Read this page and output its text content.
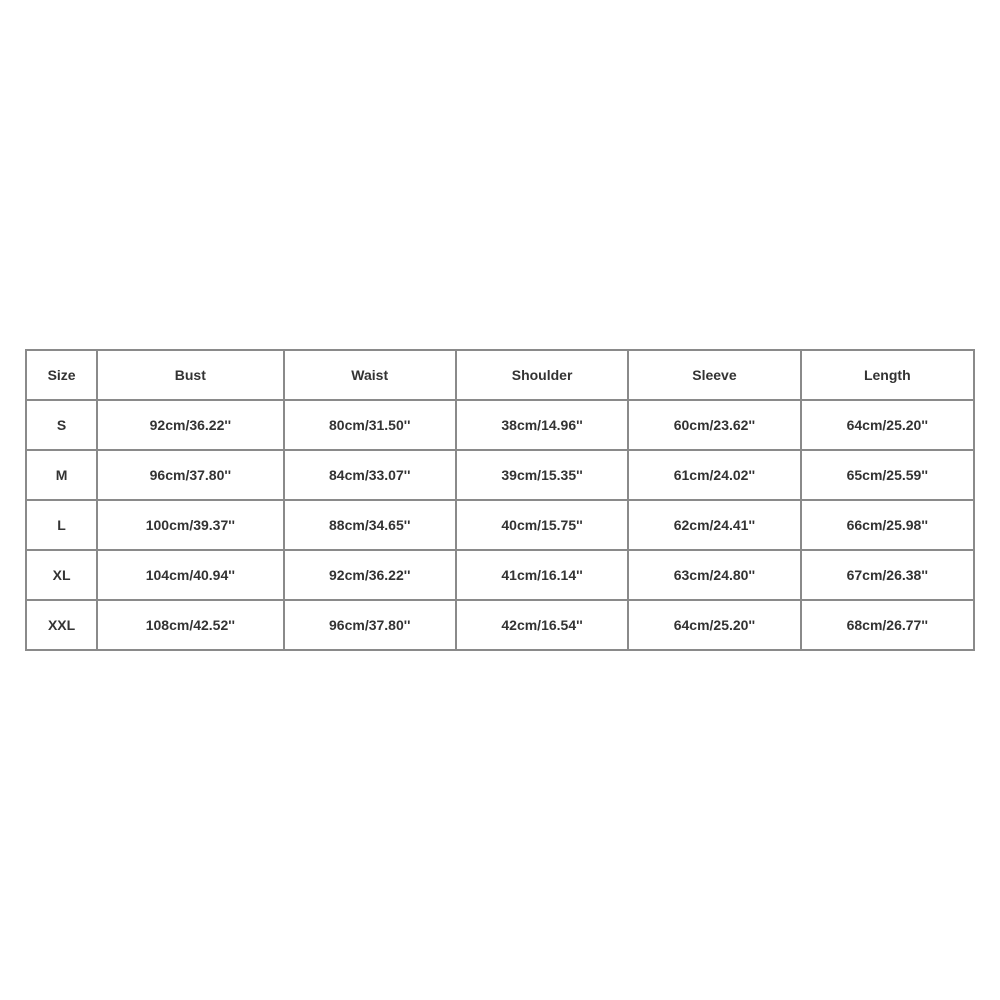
Size	Bust	Waist	Shoulder	Sleeve	Length
S	92cm/36.22''	80cm/31.50''	38cm/14.96''	60cm/23.62''	64cm/25.20''
M	96cm/37.80''	84cm/33.07''	39cm/15.35''	61cm/24.02''	65cm/25.59''
L	100cm/39.37''	88cm/34.65''	40cm/15.75''	62cm/24.41''	66cm/25.98''
XL	104cm/40.94''	92cm/36.22''	41cm/16.14''	63cm/24.80''	67cm/26.38''
XXL	108cm/42.52''	96cm/37.80''	42cm/16.54''	64cm/25.20''	68cm/26.77''
